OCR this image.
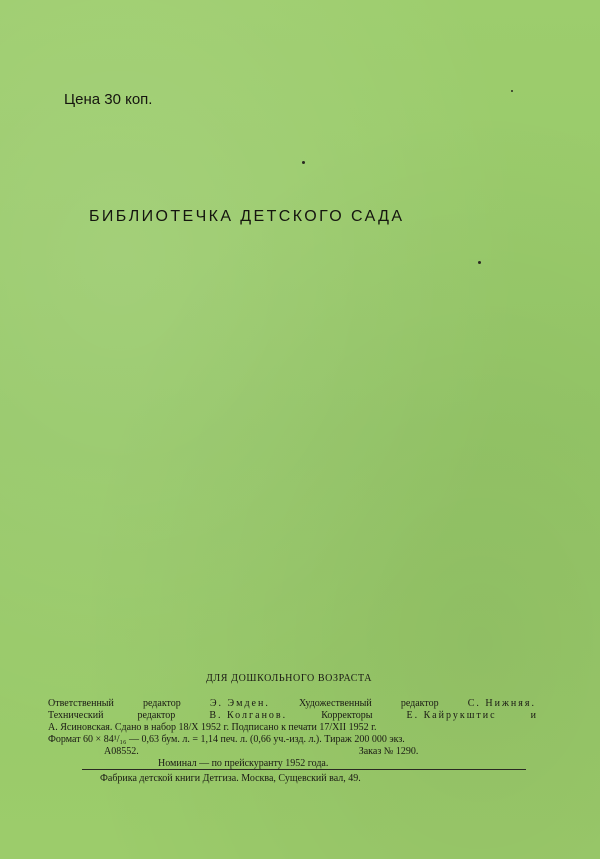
Цена 30 коп.
БИБЛИОТЕЧКА ДЕТСКОГО САДА
ДЛЯ ДОШКОЛЬНОГО ВОЗРАСТА
Ответственный	редактор	Э. Эмден.	Художественный	редактор	С. Нижняя.
Технический	редактор	В. Колганов.	Корректоры	Е. Кайрукштис	и
А. Ясиновская. Сдано в набор 18/X 1952 г. Подписано к печати 17/XII 1952 г.
Формат 60 × 84¹/₁₆ — 0,63 бум. л. = 1,14 печ. л. (0,66 уч.-изд. л.). Тираж 200 000 экз.
А08552.	Заказ № 1290.
Номинал — по прейскуранту 1952 года.
Фабрика детской книги Детгиза. Москва, Сущевский вал, 49.
